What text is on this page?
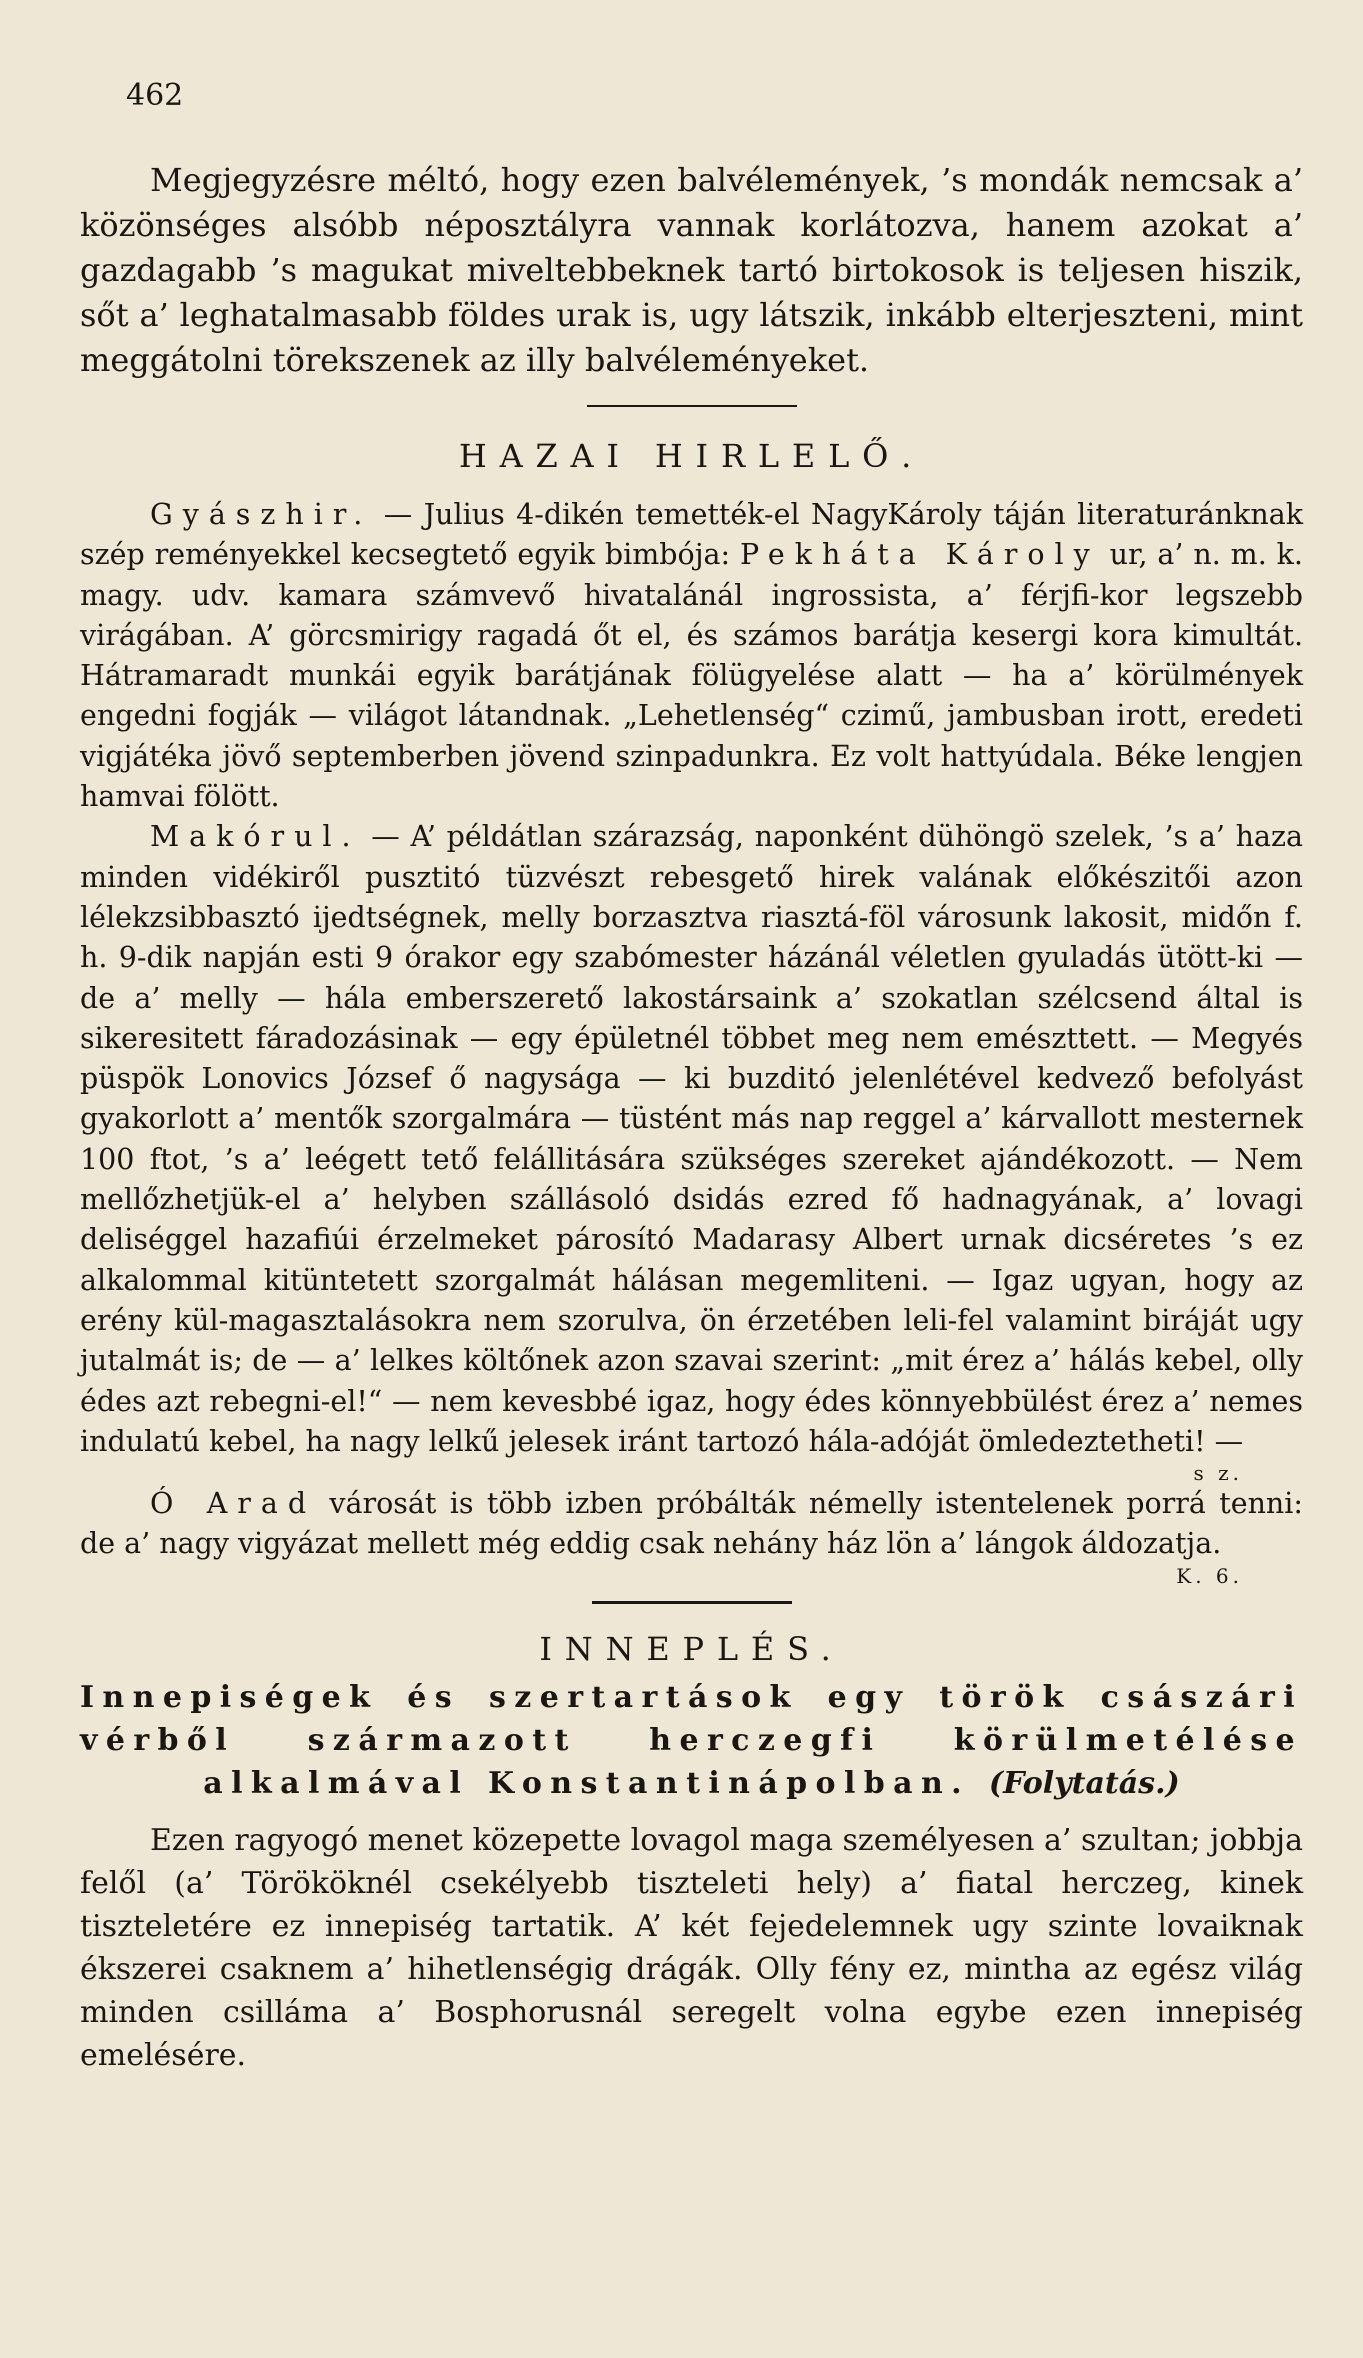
462

Megjegyzésre méltó, hogy ezen balvélemények, ’s mondák nemcsak a’ közönséges alsóbb néposztályra vannak korlátozva, hanem azokat a’ gazdagabb ’s magukat miveltebbeknek tartó birtokosok is teljesen hiszik, sőt a’ leghatalmasabb földes urak is, ugy látszik, inkább elterjeszteni, mint meggátolni törekszenek az illy balvéleményeket.

HAZAI HIRLELŐ.

Gyászhir. — Julius 4-dikén temették-el NagyKároly táján literaturánknak szép reményekkel kecsegtető egyik bimbója: Pekháta Károly ur, a’ n. m. k. magy. udv. kamara számvevő hivatalánál ingrossista, a’ férjfi-kor legszebb virágában. A’ görcsmirigy ragadá őt el, és számos barátja kesergi kora kimultát. Hátramaradt munkái egyik barátjának fölügyelése alatt — ha a’ körülmények engedni fogják — világot látandnak. „Lehetlenség“ czimű, jambusban irott, eredeti vigjátéka jövő septemberben jövend szinpadunkra. Ez volt hattyúdala. Béke lengjen hamvai fölött.

Makórul. — A’ példátlan szárazság, naponként dühöngö szelek, ’s a’ haza minden vidékiről pusztitó tüzvészt rebesgető hirek valának előkészitői azon lélekzsibbasztó ijedtségnek, melly borzasztva riasztá-föl városunk lakosit, midőn f. h. 9-dik napján esti 9 órakor egy szabómester házánál véletlen gyuladás ütött-ki — de a’ melly — hála emberszerető lakostársaink a’ szokatlan szélcsend által is sikeresitett fáradozásinak — egy épületnél többet meg nem emészttett. — Megyés püspök Lonovics József ő nagysága — ki buzditó jelenlétével kedvező befolyást gyakorlott a’ mentők szorgalmára — tüstént más nap reggel a’ kárvallott mesternek 100 ftot, ’s a’ leégett tető felállitására szükséges szereket ajándékozott. — Nem mellőzhetjük-el a’ helyben szállásoló dsidás ezred fő hadnagyának, a’ lovagi deliséggel hazafiúi érzelmeket párosító Madarasy Albert urnak dicséretes ’s ez alkalommal kitüntetett szorgalmát hálásan megemliteni. — Igaz ugyan, hogy az erény kül-magasztalásokra nem szorulva, ön érzetében leli-fel valamint biráját ugy jutalmát is; de — a’ lelkes költőnek azon szavai szerint: „mit érez a’ hálás kebel, olly édes azt rebegni-el!“ — nem kevesbbé igaz, hogy édes könnyebbülést érez a’ nemes indulatú kebel, ha nagy lelkű jelesek iránt tartozó hála-adóját ömledeztetheti! —

s z.

Ó Arad városát is több izben próbálták némelly istentelenek porrá tenni: de a’ nagy vigyázat mellett még eddig csak nehány ház lön a’ lángok áldozatja.

K. 6.
INNEPLÉS.

Innepiségek és szertartások egy török császári vérből származott herczegfi körülmetélése alkalmával Konstantinápolban. (Folytatás.)

Ezen ragyogó menet közepette lovagol maga személyesen a’ szultan; jobbja felől (a’ Törököknél csekélyebb tiszteleti hely) a’ fiatal herczeg, kinek tiszteletére ez innepiség tartatik. A’ két fejedelemnek ugy szinte lovaiknak ékszerei csaknem a’ hihetlenségig drágák. Olly fény ez, mintha az egész világ minden csillámа a’ Bosphorusnál seregelt volna egybe ezen innepiség emelésére.
